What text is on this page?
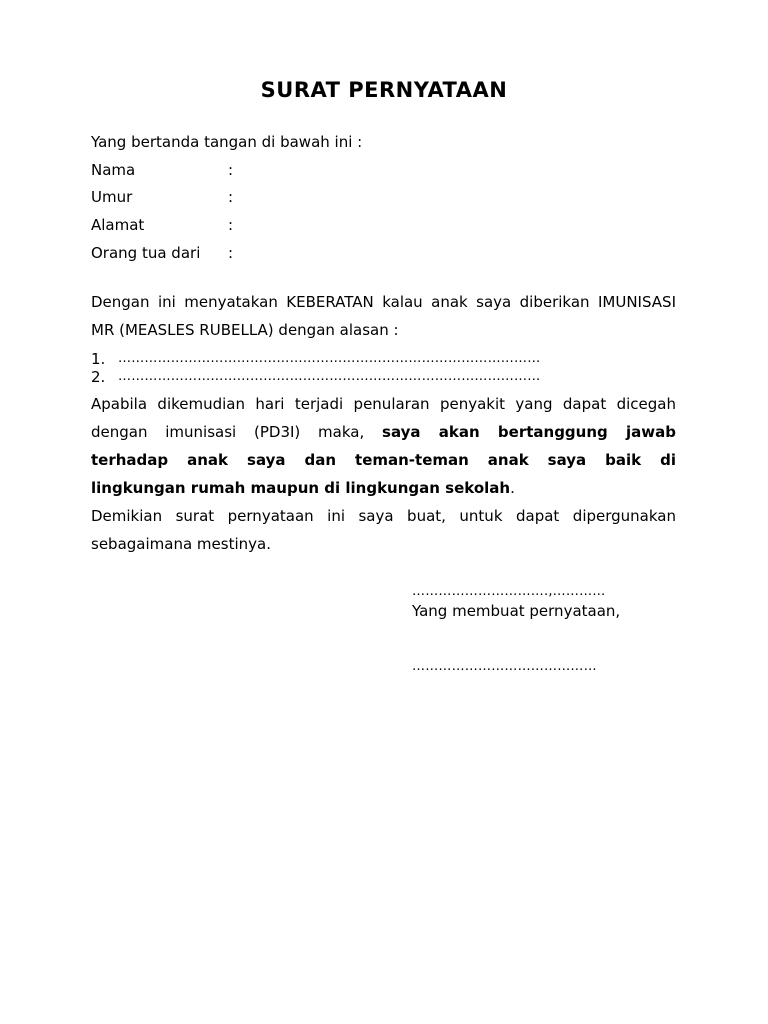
SURAT PERNYATAAN
Yang bertanda tangan di bawah ini :
Nama	:
Umur	:
Alamat	:
Orang tua dari :
Dengan ini menyatakan KEBERATAN kalau anak saya diberikan IMUNISASI
MR (MEASLES RUBELLA) dengan alasan :
1. ……………………………………………………………………………………
2. ……………………………………………………………………………………
Apabila dikemudian hari terjadi penularan penyakit yang dapat dicegah
dengan imunisasi (PD3I) maka, saya akan bertanggung jawab
terhadap anak saya dan teman-teman anak saya baik di
lingkungan rumah maupun di lingkungan sekolah.
Demikian surat pernyataan ini saya buat, untuk dapat dipergunakan
sebagaimana mestinya.
………………………….,…………
Yang membuat pernyataan,
……………………………………
